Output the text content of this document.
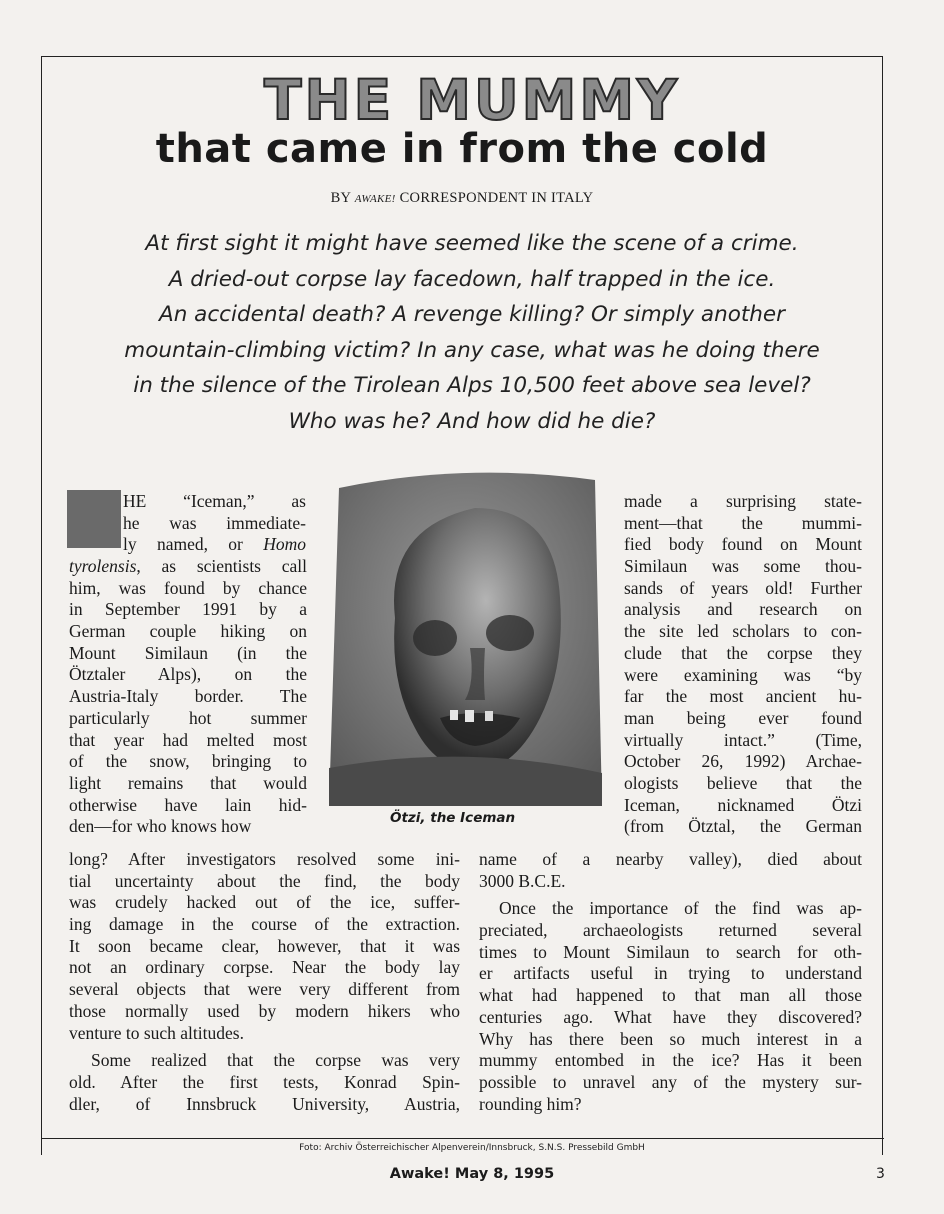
THE MUMMY
that came in from the cold
BY AWAKE! CORRESPONDENT IN ITALY
At first sight it might have seemed like the scene of a crime.
A dried-out corpse lay facedown, half trapped in the ice.
An accidental death? A revenge killing? Or simply another
mountain-climbing victim? In any case, what was he doing there
in the silence of the Tirolean Alps 10,500 feet above sea level?
Who was he? And how did he die?
T HE “Iceman,” as
he was immediate-
ly named, or Homo
tyrolensis, as scientists call
him, was found by chance
in September 1991 by a
German couple hiking on
Mount Similaun (in the
Ötztaler Alps), on the
Austria-Italy border. The
particularly hot summer
that year had melted most
of the snow, bringing to
light remains that would
otherwise have lain hid-
den—for who knows how
long? After investigators resolved some ini-
tial uncertainty about the find, the body
was crudely hacked out of the ice, suffer-
ing damage in the course of the extraction.
It soon became clear, however, that it was
not an ordinary corpse. Near the body lay
several objects that were very different from
those normally used by modern hikers who
venture to such altitudes.
Some realized that the corpse was very
old. After the first tests, Konrad Spin-
dler, of Innsbruck University, Austria,
Ötzi, the Iceman
made a surprising state-
ment—that the mummi-
fied body found on Mount
Similaun was some thou-
sands of years old! Further
analysis and research on
the site led scholars to con-
clude that the corpse they
were examining was “by
far the most ancient hu-
man being ever found
virtually intact.” (Time,
October 26, 1992) Archae-
ologists believe that the
Iceman, nicknamed Ötzi
(from Ötztal, the German
name of a nearby valley), died about
3000 B.C.E.
Once the importance of the find was ap-
preciated, archaeologists returned several
times to Mount Similaun to search for oth-
er artifacts useful in trying to understand
what had happened to that man all those
centuries ago. What have they discovered?
Why has there been so much interest in a
mummy entombed in the ice? Has it been
possible to unravel any of the mystery sur-
rounding him?
Foto: Archiv Österreichischer Alpenverein/Innsbruck, S.N.S. Pressebild GmbH
Awake! May 8, 1995	3
